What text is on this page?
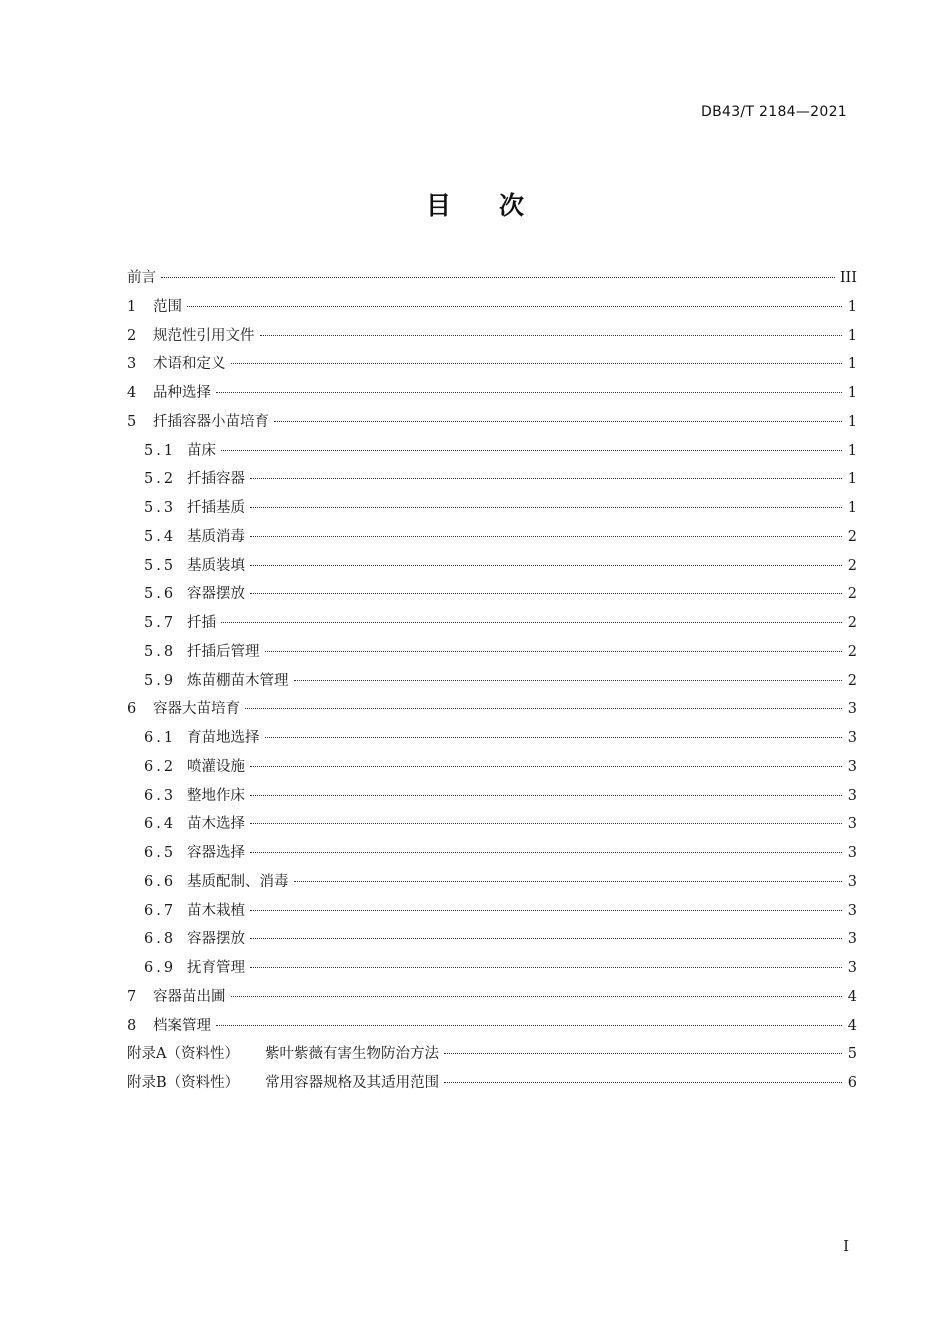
DB43/T 2184—2021
目次
前言	III
1	范围	1
2	规范性引用文件	1
3	术语和定义	1
4	品种选择	1
5	扦插容器小苗培育	1
5.1 苗床	1
5.2 扦插容器	1
5.3 扦插基质	1
5.4 基质消毒	2
5.5 基质装填	2
5.6 容器摆放	2
5.7 扦插	2
5.8 扦插后管理	2
5.9 炼苗棚苗木管理	2
6	容器大苗培育	3
6.1 育苗地选择	3
6.2 喷灌设施	3
6.3 整地作床	3
6.4 苗木选择	3
6.5 容器选择	3
6.6 基质配制、消毒	3
6.7 苗木栽植	3
6.8 容器摆放	3
6.9 抚育管理	3
7	容器苗出圃	4
8	档案管理	4
附录A（资料性） 紫叶紫薇有害生物防治方法	5
附录B（资料性） 常用容器规格及其适用范围	6
I
